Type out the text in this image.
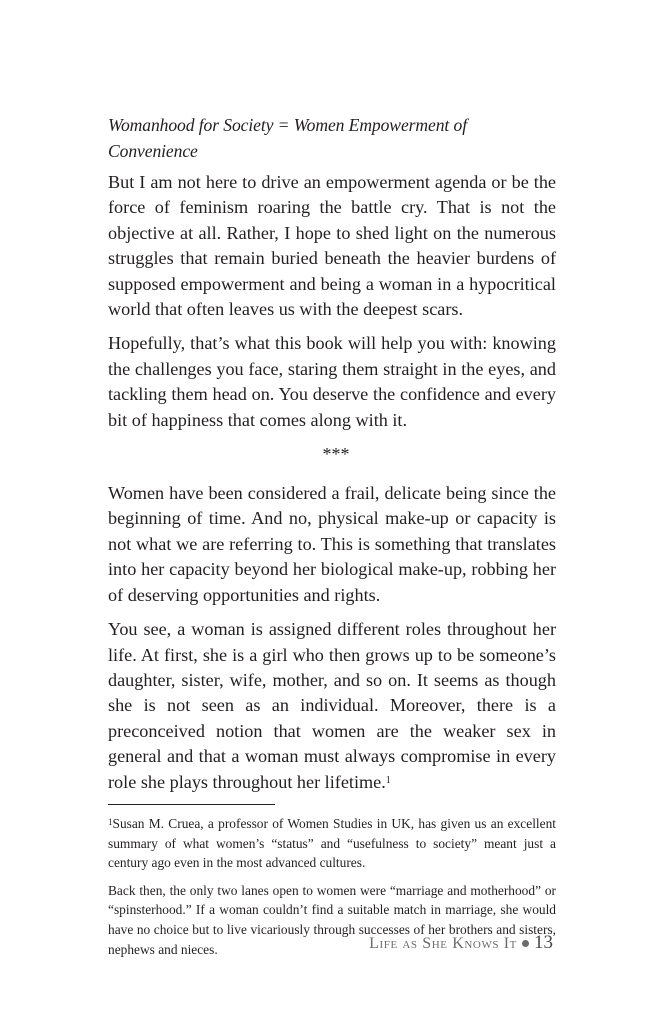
Womanhood for Society = Women Empowerment of Convenience

But I am not here to drive an empowerment agenda or be the force of feminism roaring the battle cry. That is not the objective at all. Rather, I hope to shed light on the numerous struggles that remain buried beneath the heavier burdens of supposed empowerment and being a woman in a hypocritical world that often leaves us with the deepest scars.

Hopefully, that’s what this book will help you with: knowing the challenges you face, staring them straight in the eyes, and tackling them head on. You deserve the confidence and every bit of happiness that comes along with it.

***

Women have been considered a frail, delicate being since the beginning of time. And no, physical make-up or capacity is not what we are referring to. This is something that translates into her capacity beyond her biological make-up, robbing her of deserving opportunities and rights.

You see, a woman is assigned different roles throughout her life. At first, she is a girl who then grows up to be someone’s daughter, sister, wife, mother, and so on. It seems as though she is not seen as an individual. Moreover, there is a preconceived notion that women are the weaker sex in general and that a woman must always compromise in every role she plays throughout her lifetime.$^1$

$^1$Susan M. Cruea, a professor of Women Studies in UK, has given us an excellent summary of what women’s “status” and “usefulness to society” meant just a century ago even in the most advanced cultures.

Back then, the only two lanes open to women were “marriage and motherhood” or “spinsterhood.” If a woman couldn’t find a suitable match in marriage, she would have no choice but to live vicariously through successes of her brothers and sisters, nephews and nieces.	Life as She Knows It 13
